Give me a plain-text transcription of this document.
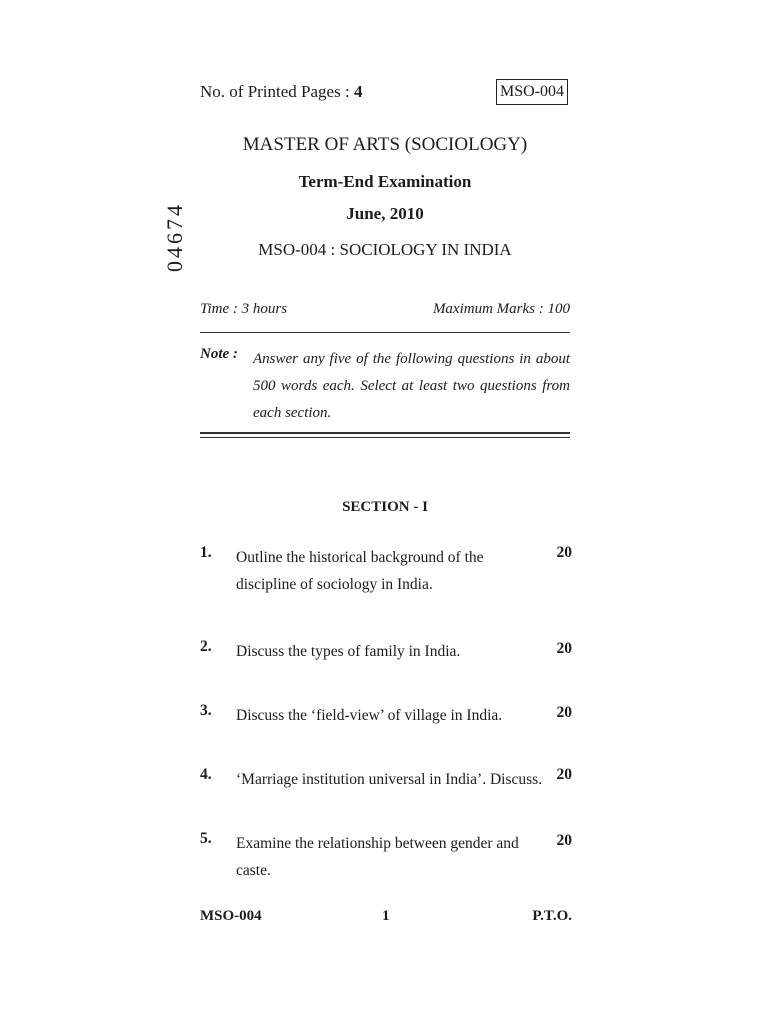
No. of Printed Pages : 4	MSO-004
04674
MASTER OF ARTS (SOCIOLOGY)
Term-End Examination
June, 2010
MSO-004 : SOCIOLOGY IN INDIA
Time : 3 hours	Maximum Marks : 100
Note : Answer any five of the following questions in about 500 words each. Select at least two questions from each section.
SECTION - I
1. Outline the historical background of the discipline of sociology in India.
20
2. Discuss the types of family in India.	20
3. Discuss the ‘field-view’ of village in India.	20
4. ‘Marriage institution universal in India’. Discuss. 20
5. Examine the relationship between gender and caste.
20
MSO-004	1	P.T.O.
